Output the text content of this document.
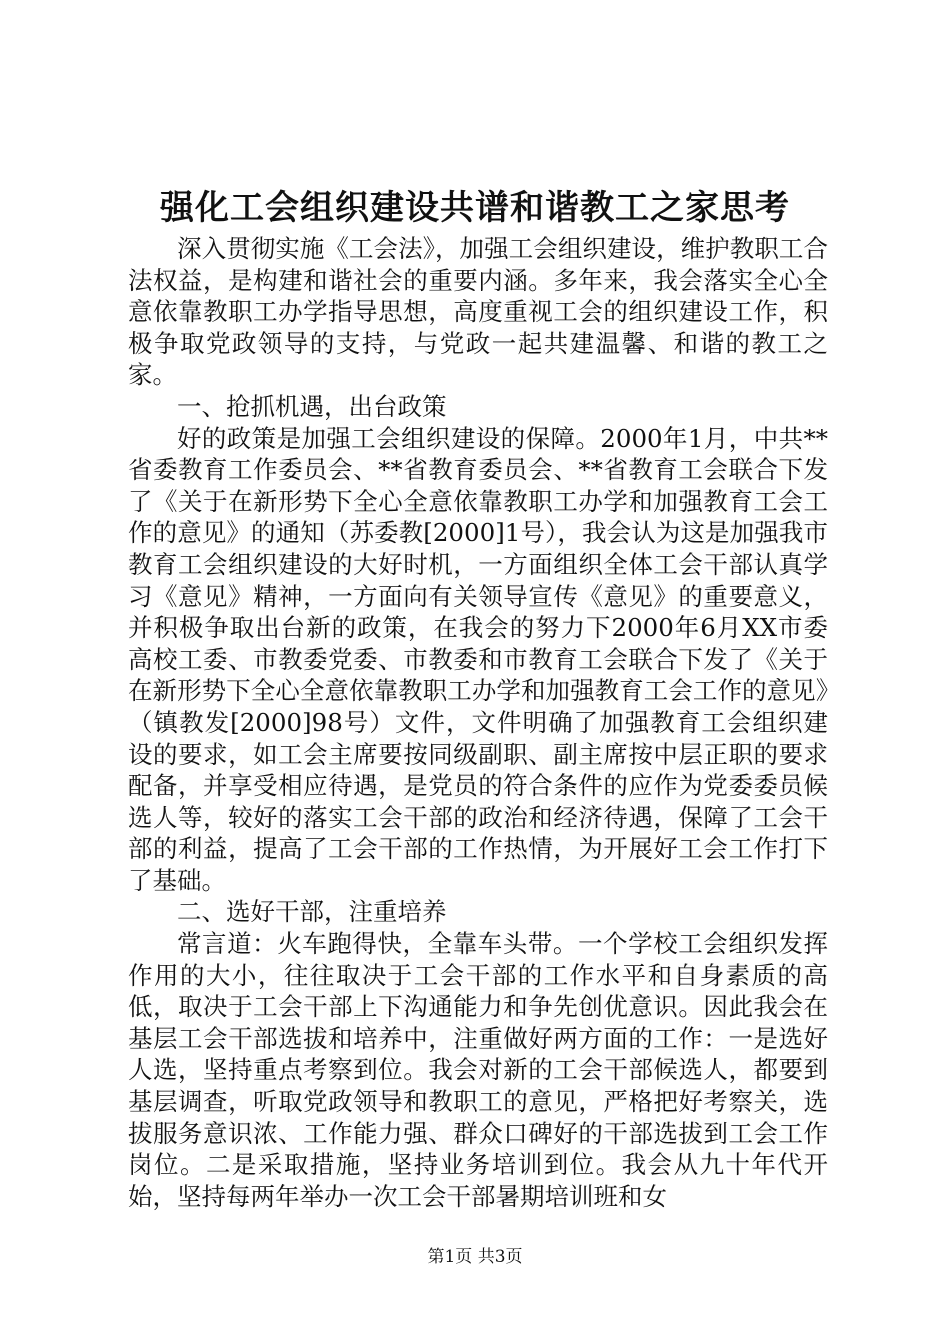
强化工会组织建设共谱和谐教工之家思考

深入贯彻实施《工会法》，加强工会组织建设，维护教职工合法权益，是构建和谐社会的重要内涵。多年来，我会落实全心全意依靠教职工办学指导思想，高度重视工会的组织建设工作，积极争取党政领导的支持，与党政一起共建温馨、和谐的教工之家。

一、抢抓机遇，出台政策

好的政策是加强工会组织建设的保障。2000年1月，中共**省委教育工作委员会、**省教育委员会、**省教育工会联合下发了《关于在新形势下全心全意依靠教职工办学和加强教育工会工作的意见》的通知（苏委教[2000]1号），我会认为这是加强我市教育工会组织建设的大好时机，一方面组织全体工会干部认真学习《意见》精神，一方面向有关领导宣传《意见》的重要意义，并积极争取出台新的政策，在我会的努力下2000年6月XX市委高校工委、市教委党委、市教委和市教育工会联合下发了《关于在新形势下全心全意依靠教职工办学和加强教育工会工作的意见》（镇教发[2000]98号）文件，文件明确了加强教育工会组织建设的要求，如工会主席要按同级副职、副主席按中层正职的要求配备，并享受相应待遇，是党员的符合条件的应作为党委委员候选人等，较好的落实工会干部的政治和经济待遇，保障了工会干部的利益，提高了工会干部的工作热情，为开展好工会工作打下了基础。

二、选好干部，注重培养

常言道：火车跑得快，全靠车头带。一个学校工会组织发挥作用的大小，往往取决于工会干部的工作水平和自身素质的高低，取决于工会干部上下沟通能力和争先创优意识。因此我会在基层工会干部选拔和培养中，注重做好两方面的工作：一是选好人选，坚持重点考察到位。我会对新的工会干部候选人，都要到基层调查，听取党政领导和教职工的意见，严格把好考察关，选拔服务意识浓、工作能力强、群众口碑好的干部选拔到工会工作岗位。二是采取措施，坚持业务培训到位。我会从九十年代开始，坚持每两年举办一次工会干部暑期培训班和女

第1页 共3页
